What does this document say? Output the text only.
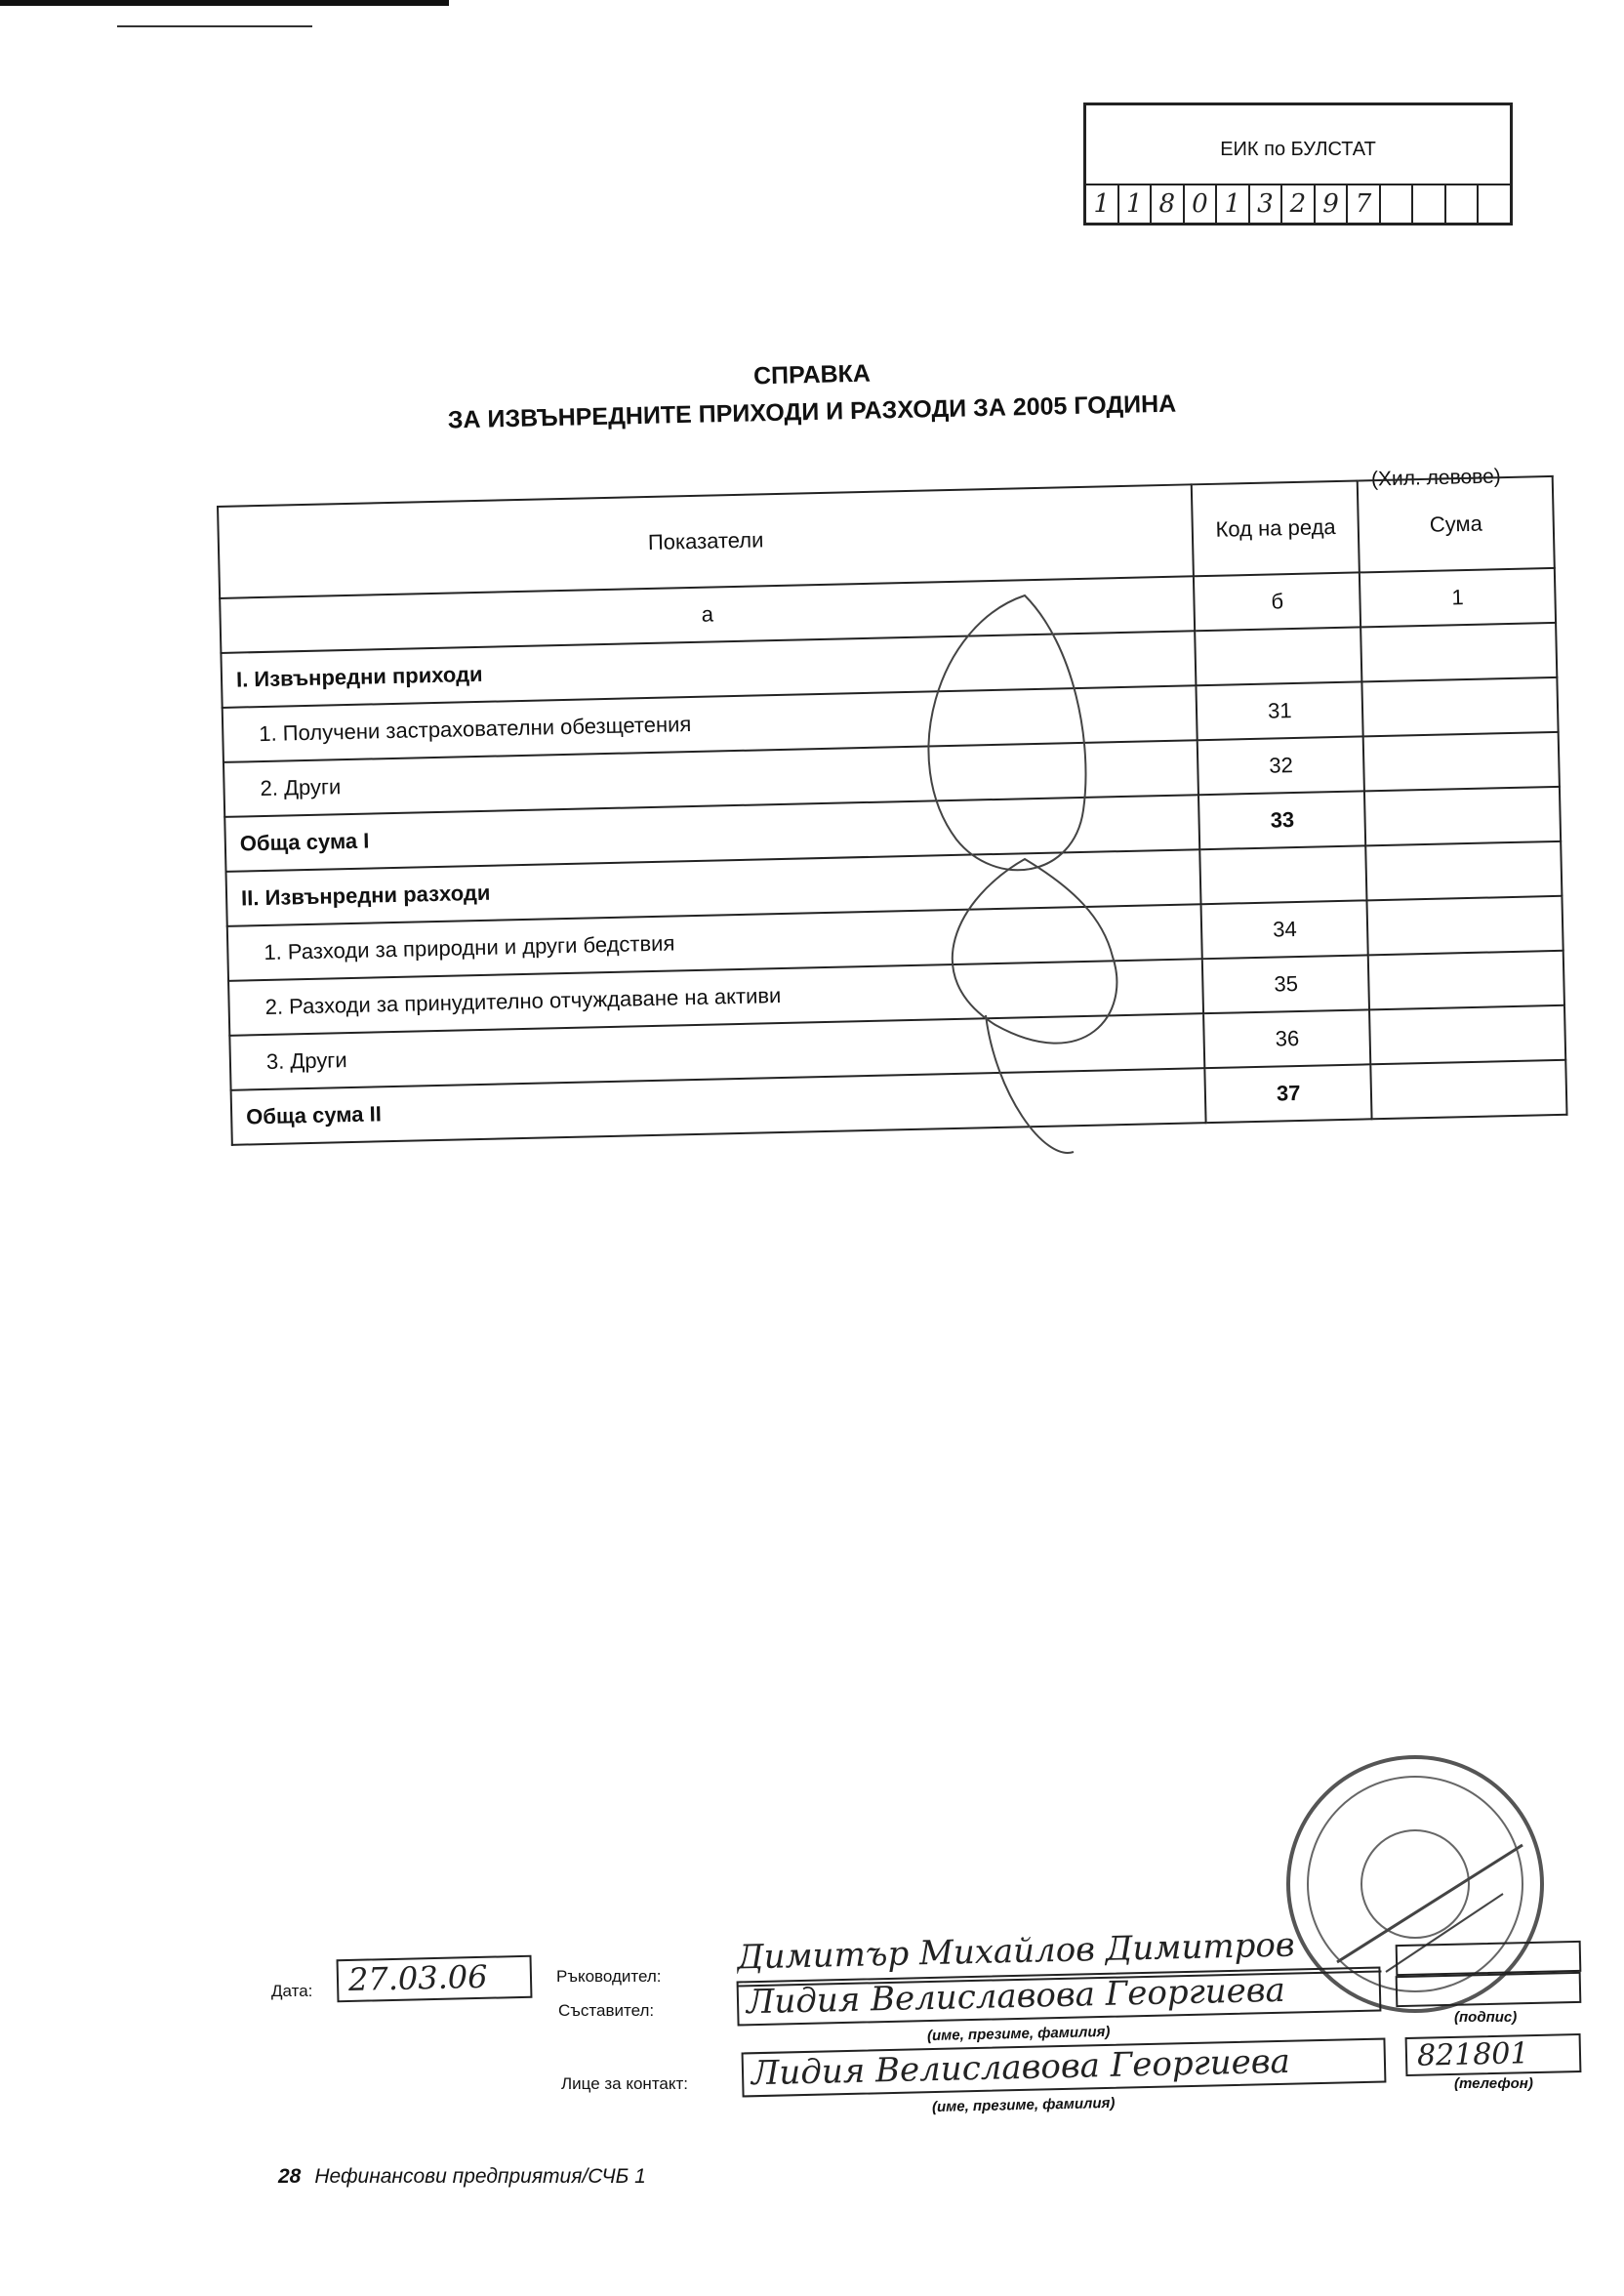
ЕИК по БУЛСТАТ
1 1 8 0 1 3 2 9 7
СПРАВКА
ЗА ИЗВЪНРЕДНИТЕ ПРИХОДИ И РАЗХОДИ ЗА 2005 ГОДИНА
(Хил. левове)
Показатели	Код на реда	Сума
а	б	1
I. Извънредни приходи		
1. Получени застрахователни обезщетения	31	
2. Други	32	
Обща сума I	33	
II. Извънредни разходи		
1. Разходи за природни и други бедствия	34	
2. Разходи за принудително отчуждаване на активи	35	
3. Други	36	
Обща сума II	37	
Дата:	27.03.06	Ръководител: Димитър Михайлов Димитров
Съставител:	Лидия Велиславова Георгиева
(име, презиме, фамилия)
(подпис)
Лице за контакт: Лидия Велиславова Георгиева
(име, презиме, фамилия)
821801
(телефон)
28 Нефинансови предприятия/СЧБ 1
